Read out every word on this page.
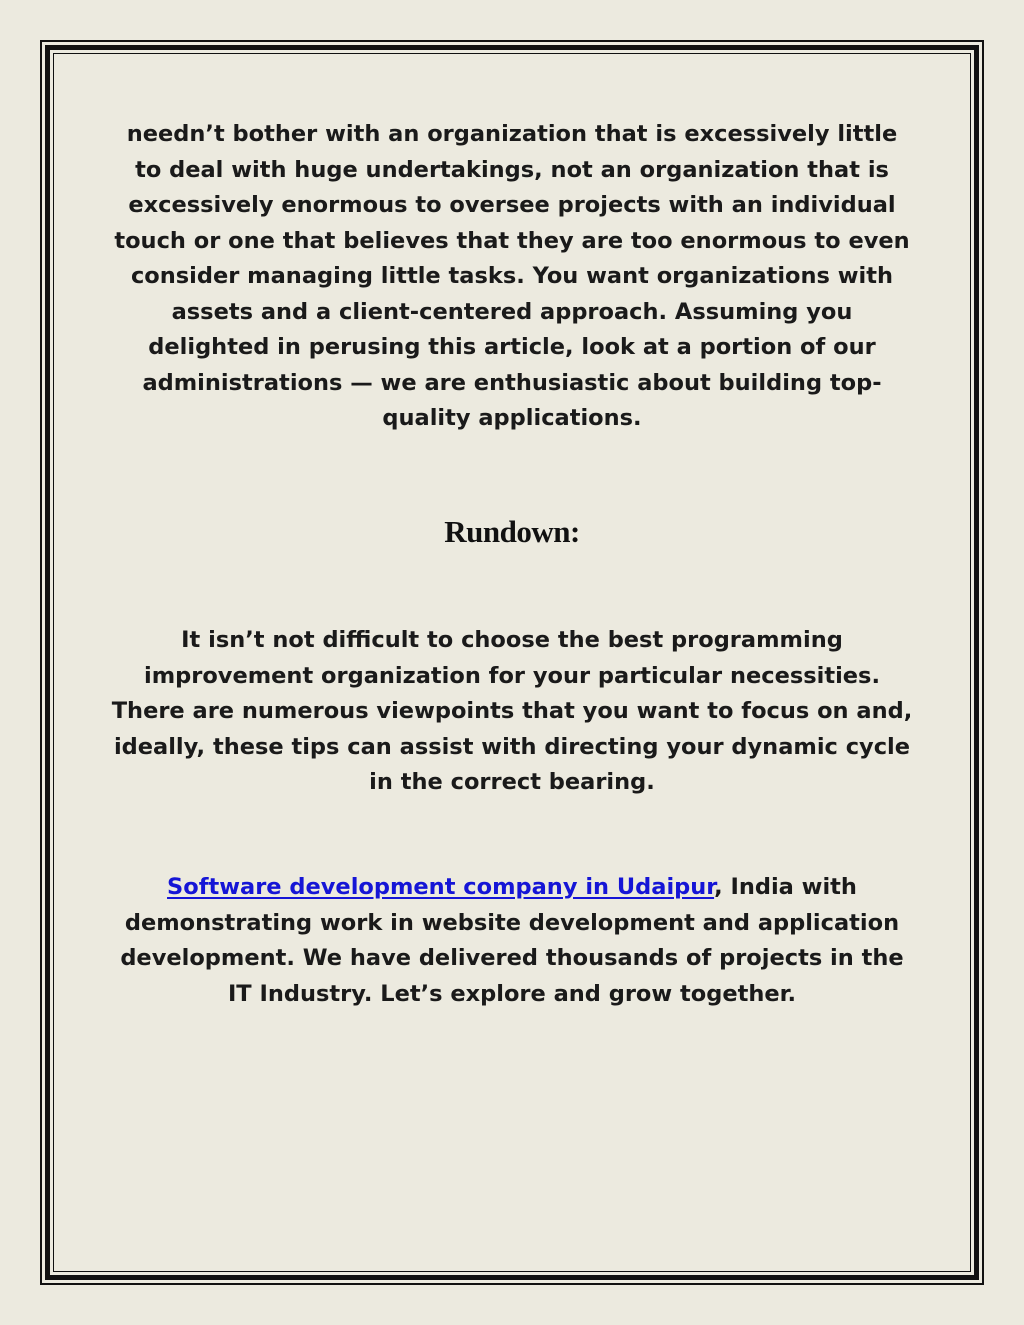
needn’t bother with an organization that is excessively little to deal with huge undertakings, not an organization that is excessively enormous to oversee projects with an individual touch or one that believes that they are too enormous to even consider managing little tasks. You want organizations with assets and a client-centered approach. Assuming you delighted in perusing this article, look at a portion of our administrations — we are enthusiastic about building top-quality applications.

Rundown:

It isn’t not difficult to choose the best programming improvement organization for your particular necessities. There are numerous viewpoints that you want to focus on and, ideally, these tips can assist with directing your dynamic cycle in the correct bearing.

Software development company in Udaipur, India with demonstrating work in website development and application development. We have delivered thousands of projects in the IT Industry. Let’s explore and grow together.
